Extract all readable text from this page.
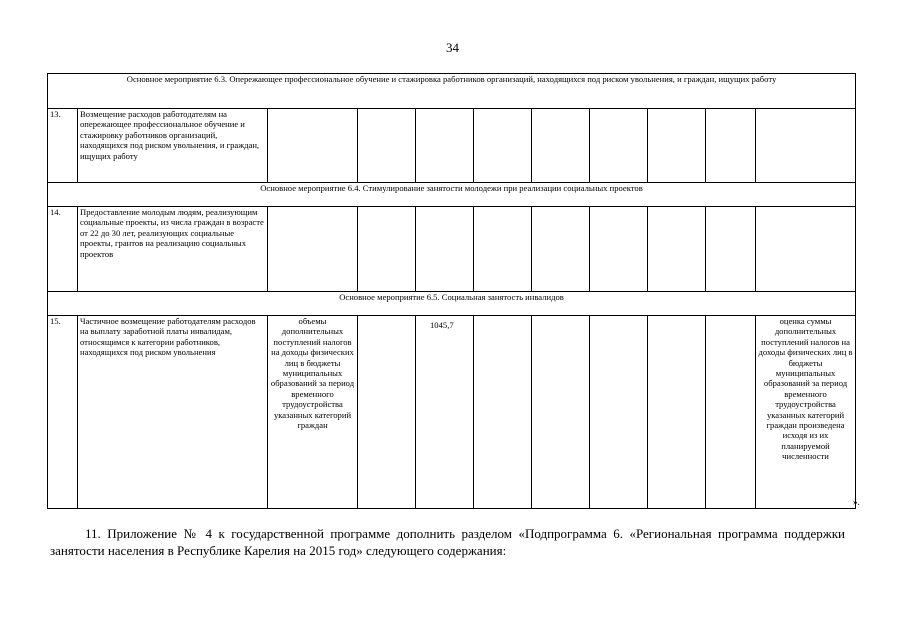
34
Основное мероприятие 6.3. Опережающее профессиональное обучение и стажировка работников организаций, находящихся под риском увольнения, и граждан, ищущих работу										
13.	Возмещение расходов работодателям на опережающее профессиональное обучение и стажировку работников организаций, находящихся под риском увольнения, и граждан, ищущих работу									
Основное мероприятие 6.4. Стимулирование занятости молодежи при реализации социальных проектов										
14.	Предоставление молодым людям, реализующим социальные проекты, из числа граждан в возрасте от 22 до 30 лет, реализующих социальные проекты, грантов на реализацию социальных проектов									
Основное мероприятие 6.5. Социальная занятость инвалидов										
15.	Частичное возмещение работодателям расходов на выплату заработной платы инвалидам, относящимся к категории работников, находящихся под риском увольнения	объемы дополнительных поступлений налогов на доходы физических лиц в бюджеты муниципальных образований за период временного трудоустройства указанных категорий граждан		1045,7						оценка суммы дополнительных поступлений налогов на доходы физических лиц в бюджеты муниципальных образований за период временного трудоустройства указанных категорий граждан произведена исходя из их планируемой численности
».

11. Приложение № 4 к государственной программе дополнить разделом «Подпрограмма 6. «Региональная программа поддержки занятости населения в Республике Карелия на 2015 год» следующего содержания:
